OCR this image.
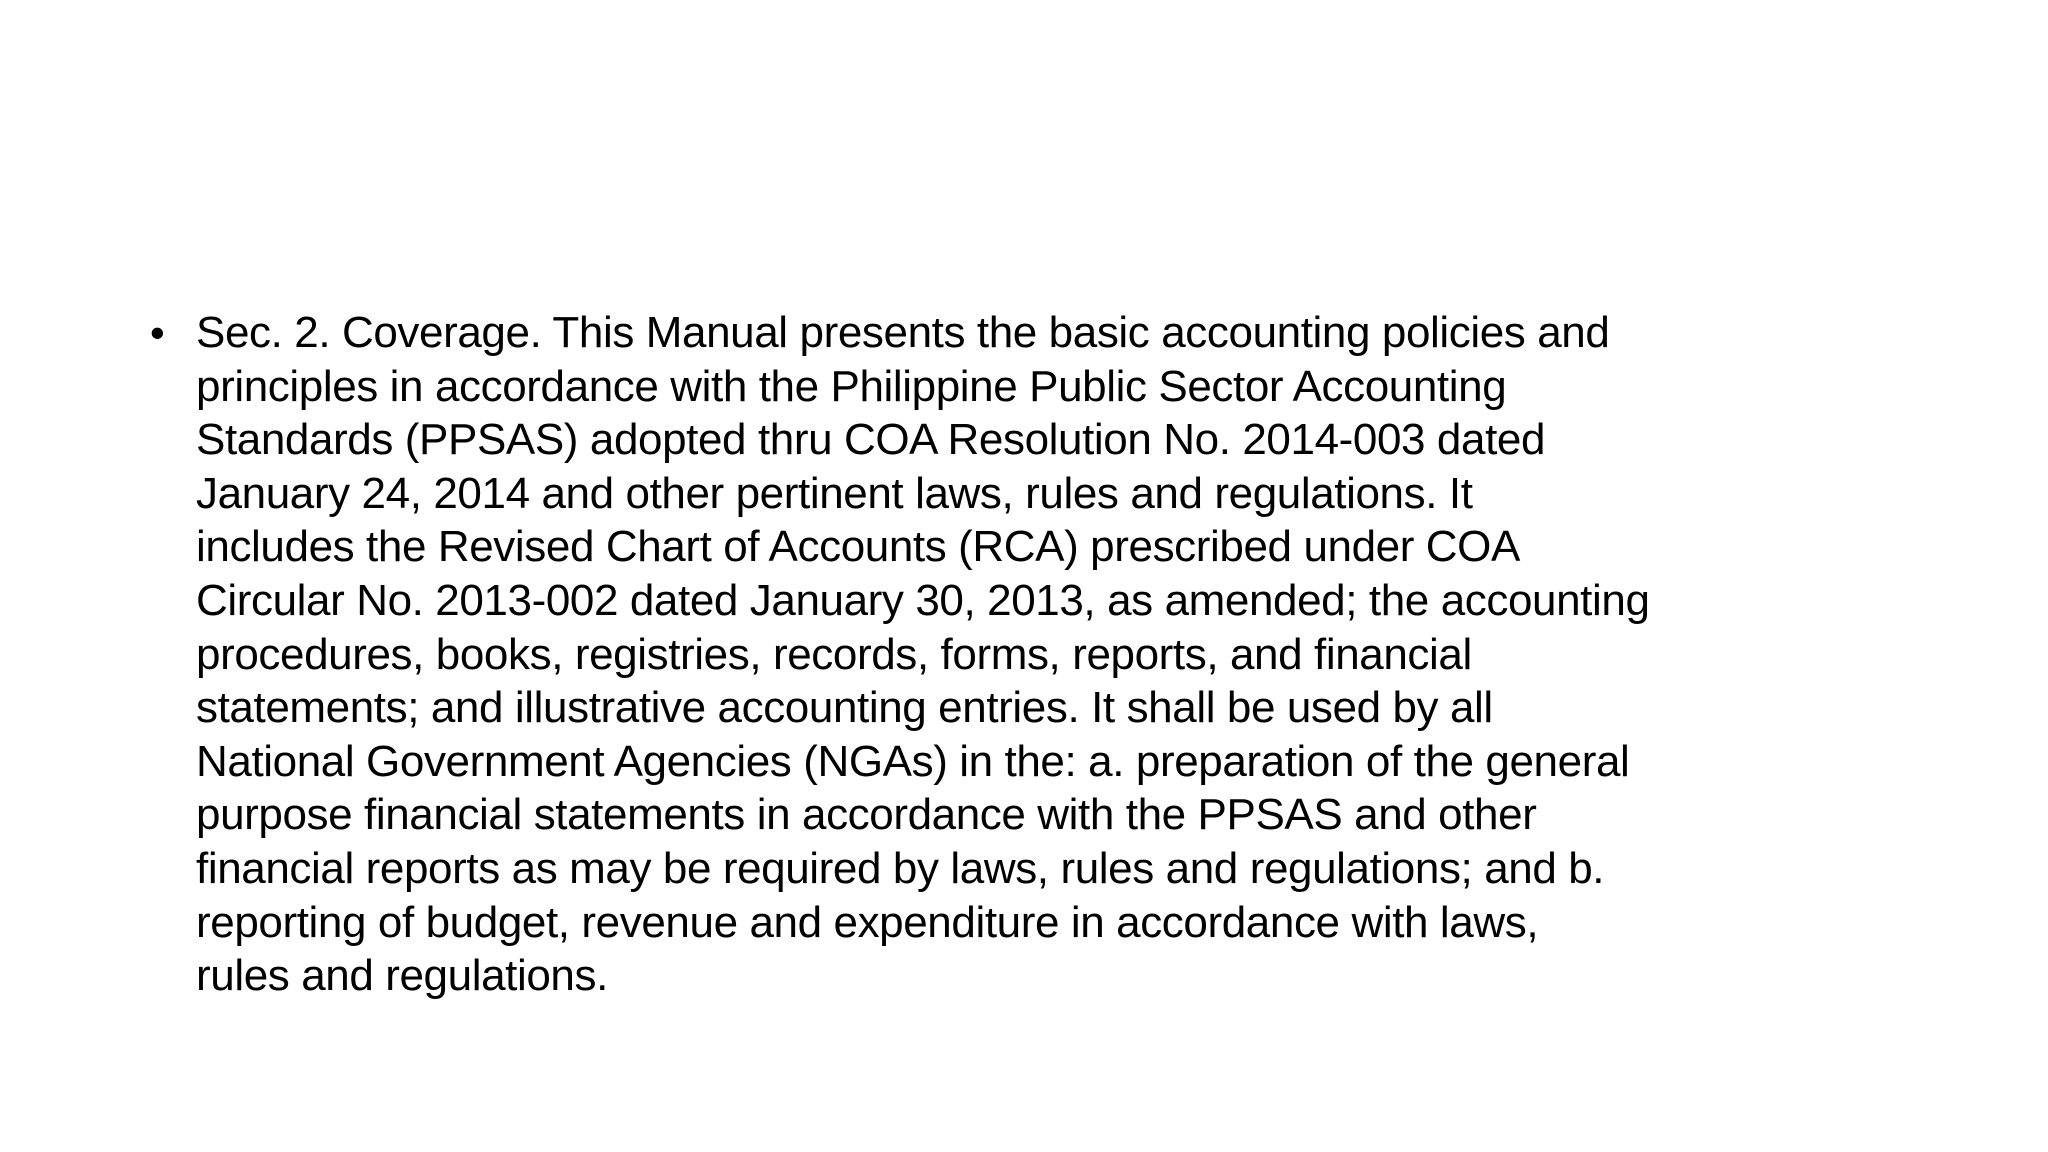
• Sec. 2. Coverage. This Manual presents the basic accounting policies and
principles in accordance with the Philippine Public Sector Accounting
Standards (PPSAS) adopted thru COA Resolution No. 2014-003 dated
January 24, 2014 and other pertinent laws, rules and regulations. It
includes the Revised Chart of Accounts (RCA) prescribed under COA
Circular No. 2013-002 dated January 30, 2013, as amended; the accounting
procedures, books, registries, records, forms, reports, and financial
statements; and illustrative accounting entries. It shall be used by all
National Government Agencies (NGAs) in the: a. preparation of the general
purpose financial statements in accordance with the PPSAS and other
financial reports as may be required by laws, rules and regulations; and b.
reporting of budget, revenue and expenditure in accordance with laws,
rules and regulations.
